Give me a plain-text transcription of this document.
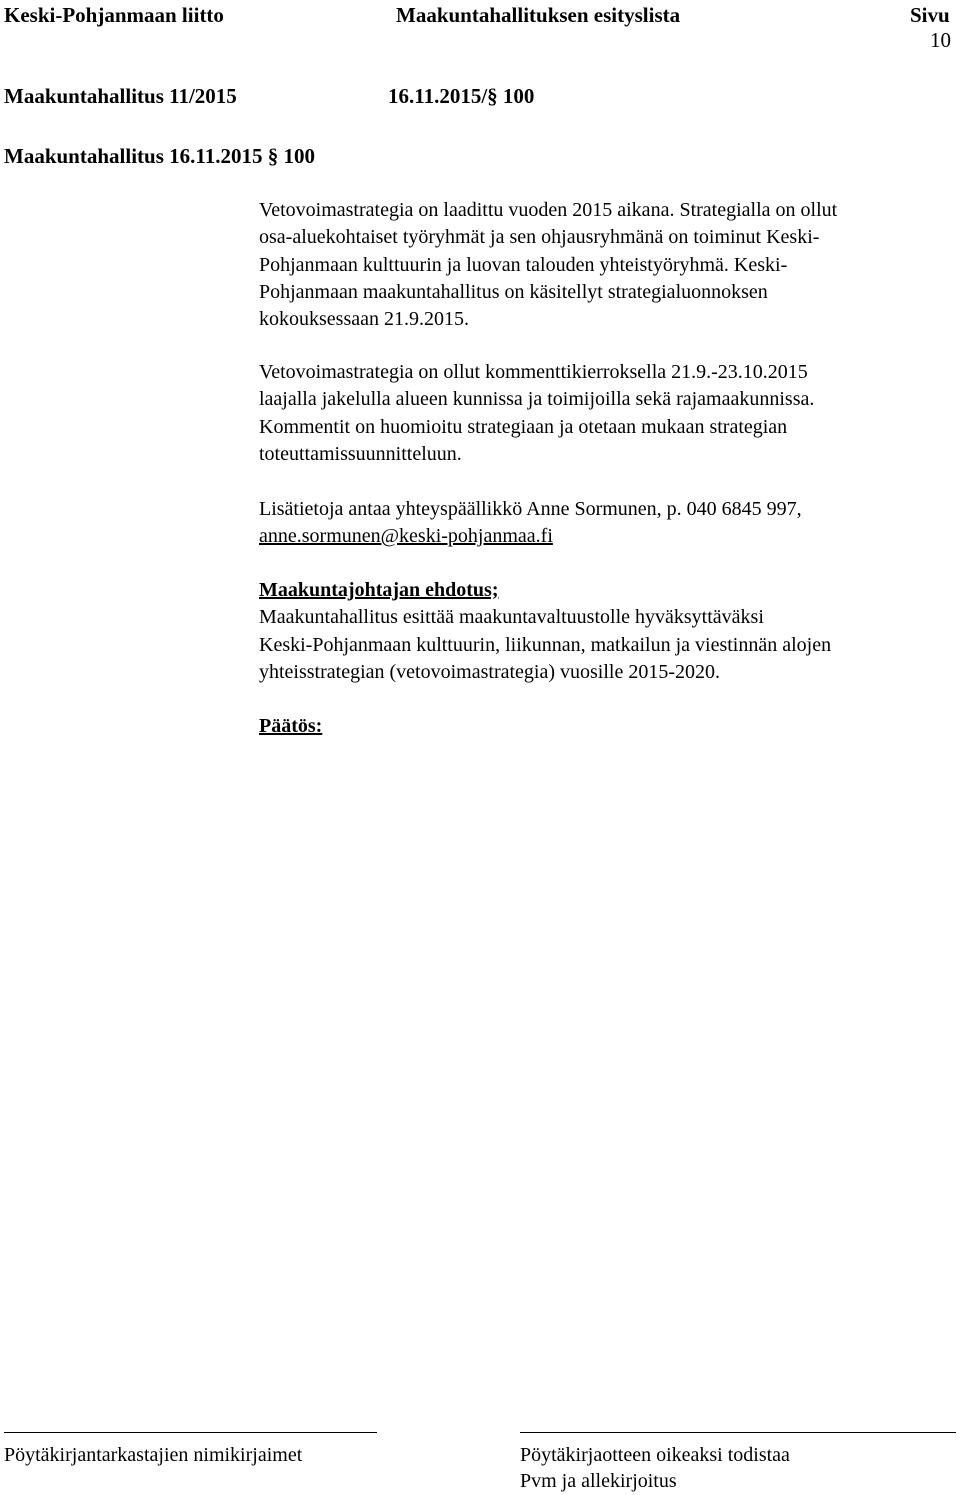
Keski-Pohjanmaan liitto	Maakuntahallituksen esityslista	Sivu
10
Maakuntahallitus 11/2015	16.11.2015/§ 100
Maakuntahallitus 16.11.2015 § 100

Vetovoimastrategia on laadittu vuoden 2015 aikana. Strategialla on ollut

osa-aluekohtaiset työryhmät ja sen ohjausryhmänä on toiminut Keski-

Pohjanmaan kulttuurin ja luovan talouden yhteistyöryhmä. Keski-

Pohjanmaan maakuntahallitus on käsitellyt strategialuonnoksen

kokouksessaan 21.9.2015.

Vetovoimastrategia on ollut kommenttikierroksella 21.9.-23.10.2015

laajalla jakelulla alueen kunnissa ja toimijoilla sekä rajamaakunnissa.

Kommentit on huomioitu strategiaan ja otetaan mukaan strategian

toteuttamissuunnitteluun.

Lisätietoja antaa yhteyspäällikkö Anne Sormunen, p. 040 6845 997,

anne.sormunen@keski-pohjanmaa.fi

Maakuntajohtajan ehdotus;

Maakuntahallitus esittää maakuntavaltuustolle hyväksyttäväksi

Keski-Pohjanmaan kulttuurin, liikunnan, matkailun ja viestinnän alojen

yhteisstrategian (vetovoimastrategia) vuosille 2015-2020.

Päätös:

Pöytäkirjantarkastajien nimikirjaimet	Pöytäkirjaotteen oikeaksi todistaa
Pvm ja allekirjoitus
